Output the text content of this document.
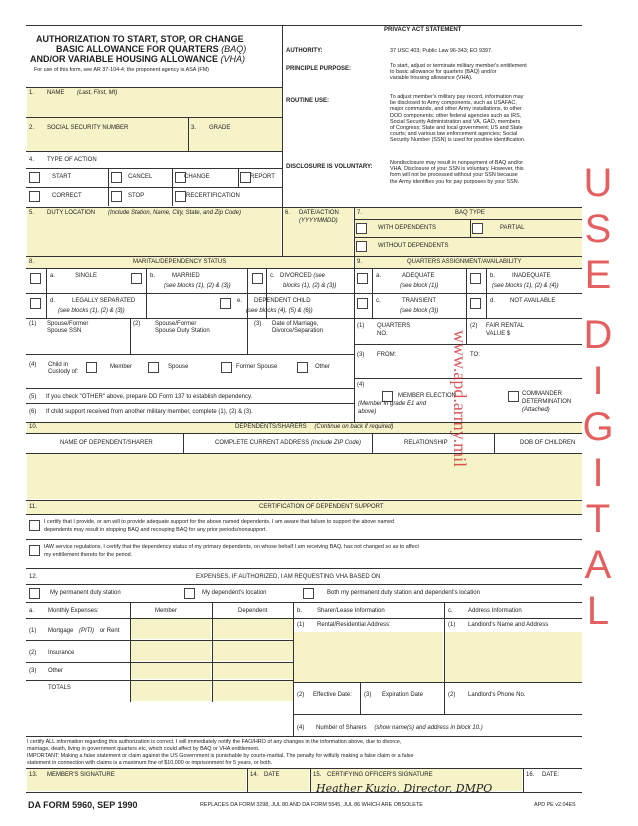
AUTHORIZATION TO START, STOP, OR CHANGE
BASIC ALLOWANCE FOR QUARTERS (BAQ)
AND/OR VARIABLE HOUSING ALLOWANCE (VHA)
For use of this form, see AR 37-104-4; the proponent agency is ASA (FM)
PRIVACY ACT STATEMENT
AUTHORITY:	37 USC 403; Public Law 96-343; EO 9397.
PRINCIPLE PURPOSE:	To start, adjust or terminate military member's entitlement
to basic allowance for quarters (BAQ) and/or
variable housing allowance (VHA).
ROUTINE USE:
To adjust member's military pay record, information may
be disclosed to Army components, such as USAFAC,
major commands, and other Army installations, to other
DOD components; other federal agencies such as IRS,
Social Security Administration and VA, GAO, members
of Congress; State and local government; US and State
courts; and various law enforcement agencies; Social
Security Number (SSN) is used for positive identification.
DISCLOSURE IS VOLUNTARY:
Nondisclosure may result in nonpayment of BAQ and/or
VHA. Disclosure of your SSN is voluntary. However, this
form will not be processed without your SSN because
the Army identifies you for pay purposes by your SSN.
1. NAME (Last, First, MI)
2. SOCIAL SECURITY NUMBER	3. GRADE
4. TYPE OF ACTION
START	CANCEL	CHANGE	REPORT
CORRECT	STOP	RECERTIFICATION
5. DUTY LOCATION (Include Station, Name, City, State, and Zip Code)	6. DATE/ACTION
(YYYYMMDD)
7.	BAQ TYPE
WITH DEPENDENTS	PARTIAL
WITHOUT DEPENDENTS
8.	MARITAL/DEPENDENCY STATUS	9.	QUARTERS ASSIGNMENT/AVAILABILITY
a.	SINGLE	b.	MARRIED
(see blocks (1), (2) & (3))
c. DIVORCED (see
blocks (1), (2) & (3))
d.	LEGALLY SEPARATED
(see blocks (1), (2) & (3))
e. DEPENDENT CHILD
(see blocks (4), (5) & (6))
(1) Spouse/Former
Spouse SSN
(2) Spouse/Former
Spouse Duty Station
(3) Date of Marriage,
Divorce/Separation
(4) Child in
Custody of:
Member	Spouse	Former Spouse	Other
(5) If you check "OTHER" above, prepare DD Form 137 to establish dependency.
(6) If child support received from another military member, complete (1), (2) & (3).
a.	ADEQUATE
(see block (1))
b.	INADEQUATE
(see blocks (1), (2) & (4))
c.	TRANSIENT
(see block (3))
d. NOT AVAILABLE
(1) QUARTERS
NO.
(2) FAIR RENTAL
VALUE $
(3) FROM:	TO:
(4)
MEMBER ELECTION
(Member in grade E1 and
above)
COMMANDER
DETERMINATION
(Attached)
10.	DEPENDENTS/SHARERS (Continue on back if required)
NAME OF DEPENDENT/SHARER	COMPLETE CURRENT ADDRESS (Include ZIP Code)	RELATIONSHIP	DOB OF CHILDREN
11.	CERTIFICATION OF DEPENDENT SUPPORT
I certify that I provide, or am will to provide adequate support for the above named dependents. I am aware that failure to support the above named
dependents may result in stopping BAQ and recouping BAQ for any prior periods/nonsupport.
IAW service regulations, I certify that the dependency status of my primary dependents, on whose behalf I am receiving BAQ, has not changed so as to affect
my entitlement thereto for the period.
12.	EXPENSES, IF AUTHORIZED, I AM REQUESTING VHA BASED ON
My permanent duty station	My dependent's location	Both my permanent duty station and dependent's location
a. Monthly Expenses:	Member	Dependent
(1) Mortgage (PITI) or Rent
(2) Insurance
(3) Other
TOTALS
b. Sharer/Lease Information
(1) Rental/Residential Address:
(2) Effective Date: (3) Expiration Date
(4) Number of Sharers (show name(s) and address in block 10.)
c.	Address Information
(1) Landlord's Name and Address
(2) Landlord's Phone No.
I certify ALL information regarding this authorization is correct. I will immediately notify the FAO/HRO of any changes in the information above, due to divorce,
marriage, death, living in government quarters etc, which could affect by BAQ or VHA entitlement.
IMPORTANT: Making a false statement or claim against the US Government is punishable by courts-martial. The penalty for wilfully making a false claim or a false
statement in connection with claims is a maximum fine of $10,000 or imprisonment for 5 years, or both.
13. MEMBER'S SIGNATURE	14. DATE	15. CERTIFYING OFFICER'S SIGNATURE
Heather Kuzio, Director, DMPO
16. DATE:
DA FORM 5960, SEP 1990	REPLACES DA FORM 3298, JUL 80 AND DA FORM 5545, JUL 86 WHICH ARE OBSOLETE	APD PE v2.04ES
www.apd.army.mil
U
S
E
D
I
G
I
T
A
L
